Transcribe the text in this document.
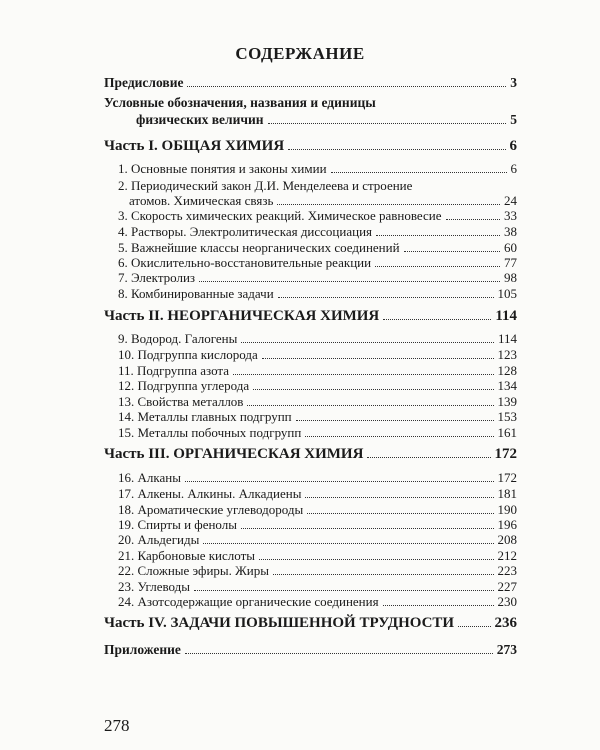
СОДЕРЖАНИЕ
Предисловие	3
Условные обозначения, названия и единицы
физических величин	5
Часть I. ОБЩАЯ ХИМИЯ	6
1. Основные понятия и законы химии	6
2. Периодический закон Д.И. Менделеева и строение
атомов. Химическая связь	24
3. Скорость химических реакций. Химическое равновесие	33
4. Растворы. Электролитическая диссоциация	38
5. Важнейшие классы неорганических соединений	60
6. Окислительно-восстановительные реакции	77
7. Электролиз	98
8. Комбинированные задачи	105
Часть II. НЕОРГАНИЧЕСКАЯ ХИМИЯ	114
9. Водород. Галогены	114
10. Подгруппа кислорода	123
11. Подгруппа азота	128
12. Подгруппа углерода	134
13. Свойства металлов	139
14. Металлы главных подгрупп	153
15. Металлы побочных подгрупп	161
Часть III. ОРГАНИЧЕСКАЯ ХИМИЯ	172
16. Алканы	172
17. Алкены. Алкины. Алкадиены	181
18. Ароматические углеводороды	190
19. Спирты и фенолы	196
20. Альдегиды	208
21. Карбоновые кислоты	212
22. Сложные эфиры. Жиры	223
23. Углеводы	227
24. Азотсодержащие органические соединения	230
Часть IV. ЗАДАЧИ ПОВЫШЕННОЙ ТРУДНОСТИ	236
Приложение	273
278
